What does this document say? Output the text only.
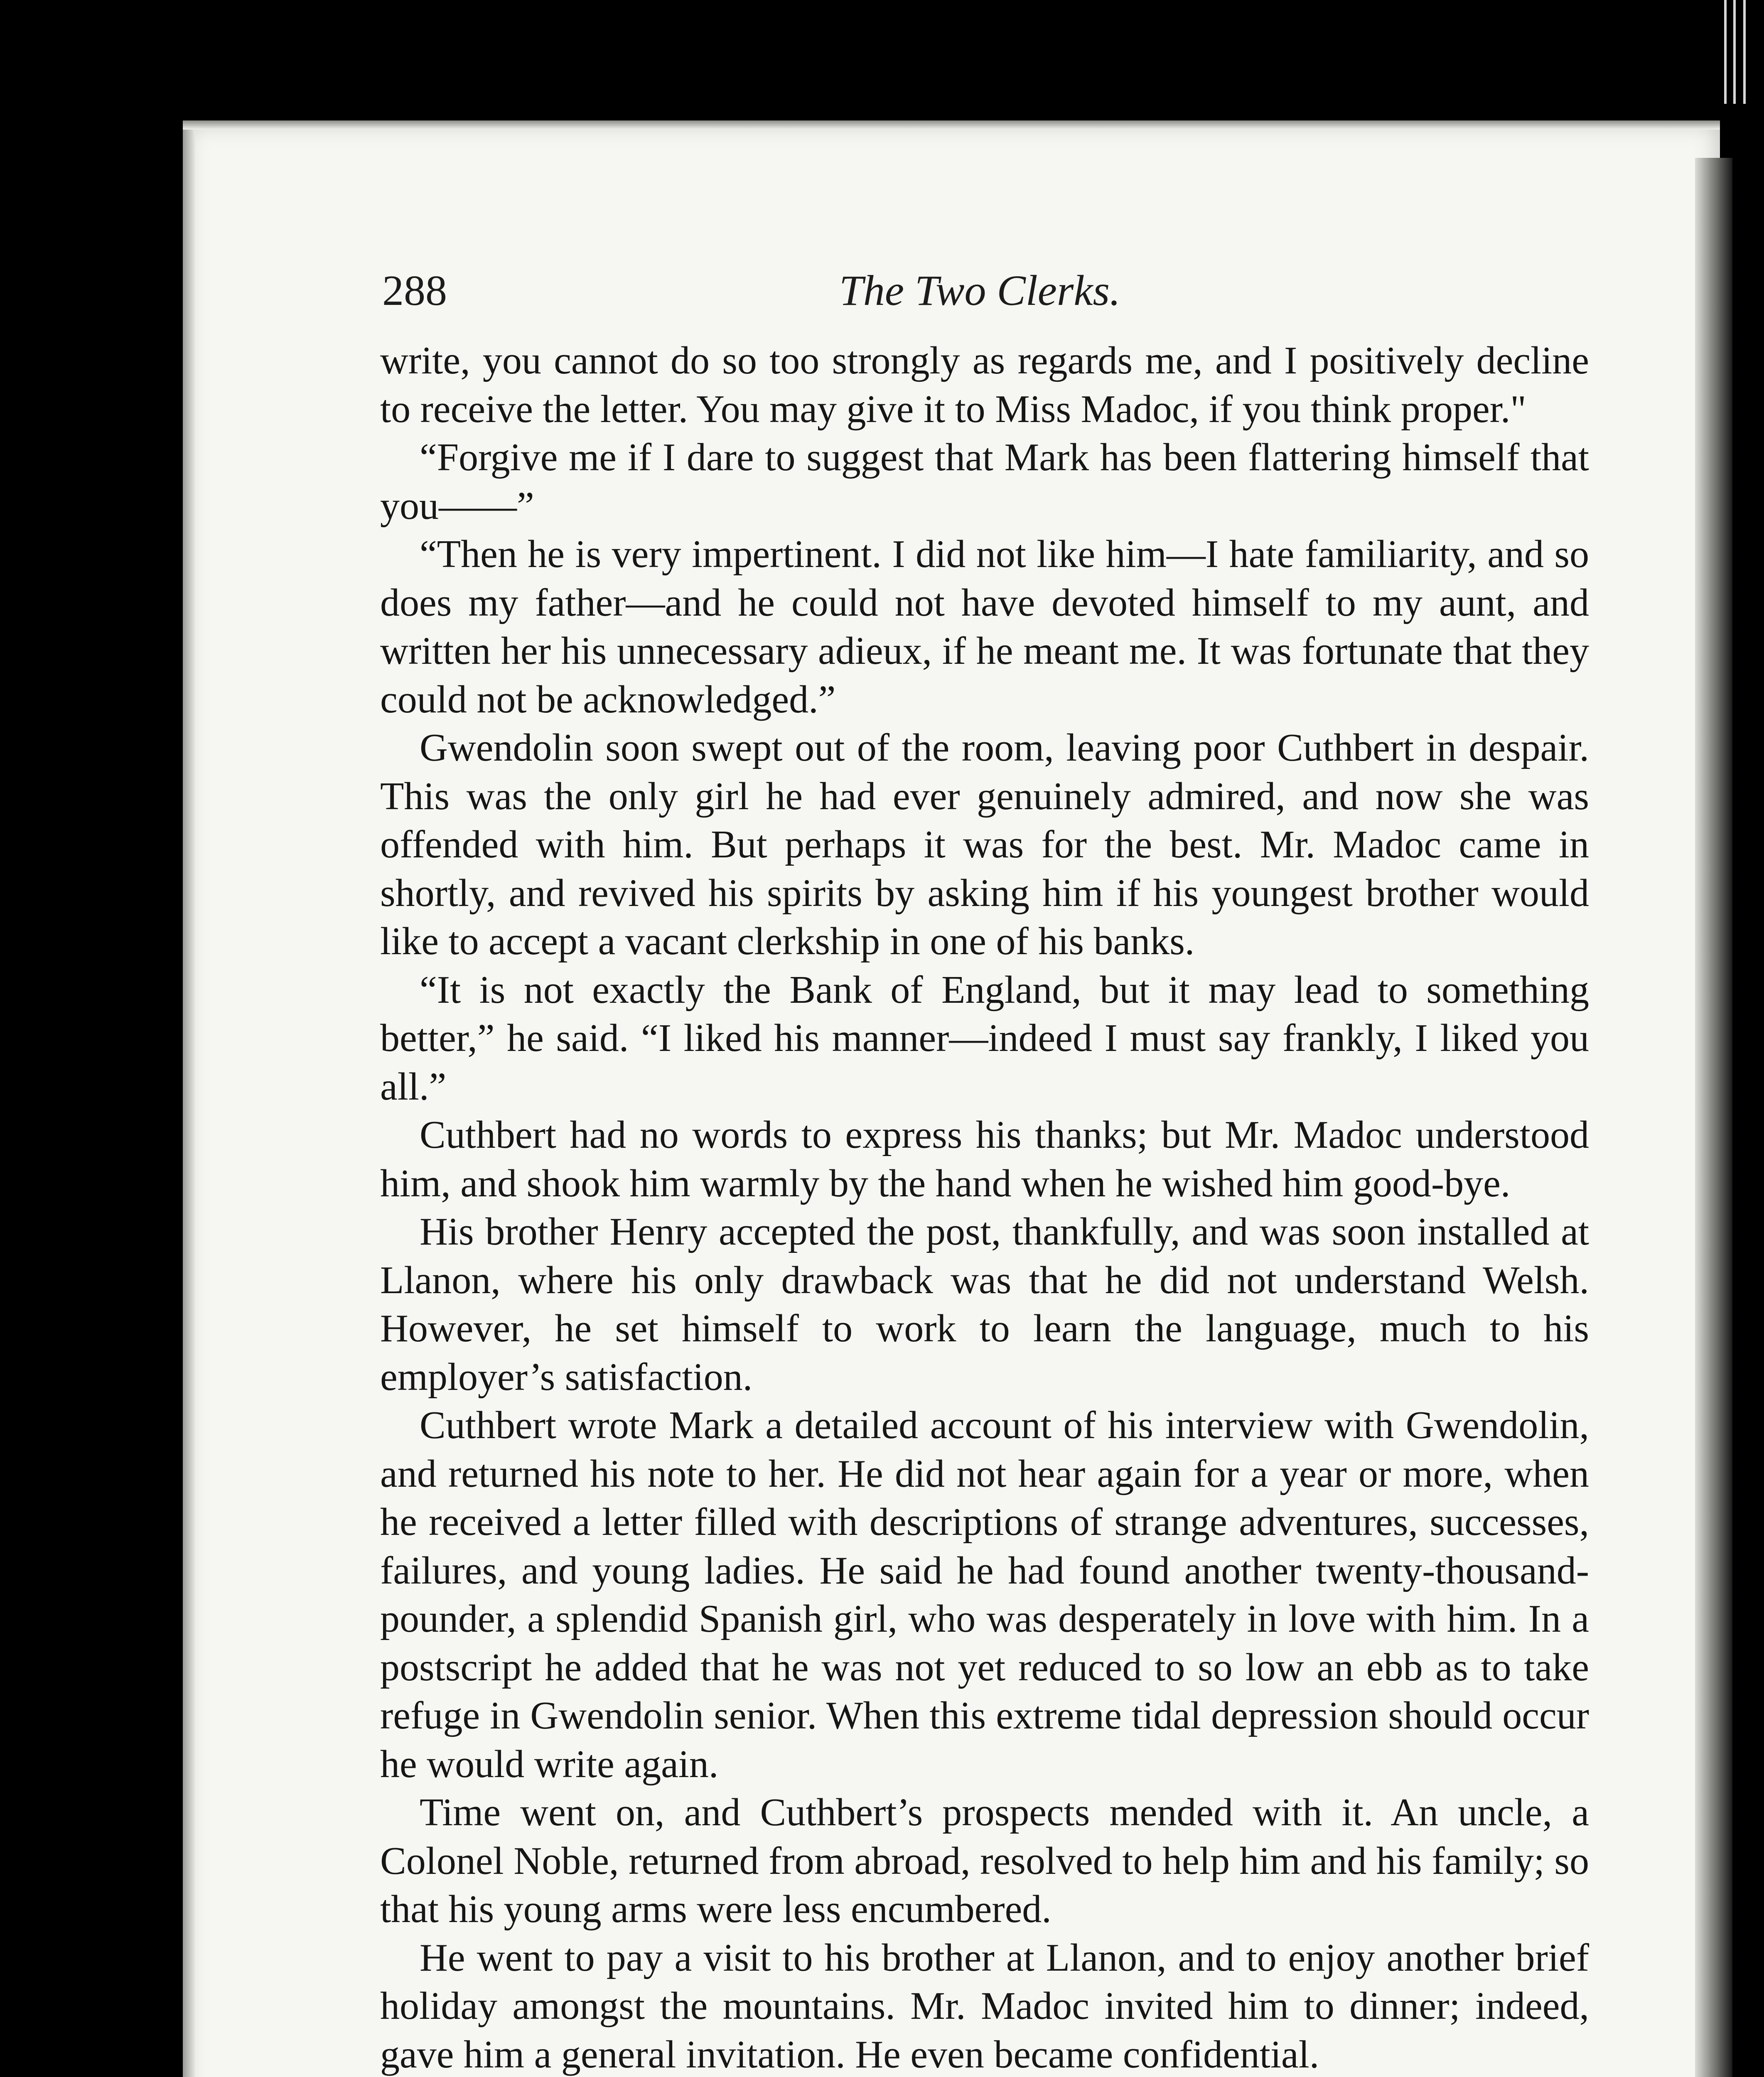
288	The Two Clerks.

write, you cannot do so too strongly as regards me, and I positively decline to receive the letter. You may give it to Miss Madoc, if you think proper."

“Forgive me if I dare to suggest that Mark has been flattering himself that you——”

“Then he is very impertinent. I did not like him—I hate familiarity, and so does my father—and he could not have devoted himself to my aunt, and written her his unnecessary adieux, if he meant me. It was fortunate that they could not be acknowledged.”

Gwendolin soon swept out of the room, leaving poor Cuthbert in despair. This was the only girl he had ever genuinely admired, and now she was offended with him. But perhaps it was for the best. Mr. Madoc came in shortly, and revived his spirits by asking him if his youngest brother would like to accept a vacant clerkship in one of his banks.

“It is not exactly the Bank of England, but it may lead to something better,” he said. “I liked his manner—indeed I must say frankly, I liked you all.”

Cuthbert had no words to express his thanks; but Mr. Madoc understood him, and shook him warmly by the hand when he wished him good-bye.

His brother Henry accepted the post, thankfully, and was soon installed at Llanon, where his only drawback was that he did not understand Welsh. However, he set himself to work to learn the language, much to his employer’s satisfaction.

Cuthbert wrote Mark a detailed account of his interview with Gwendolin, and returned his note to her. He did not hear again for a year or more, when he received a letter filled with descriptions of strange adventures, successes, failures, and young ladies. He said he had found another twenty-thousand-pounder, a splendid Spanish girl, who was desperately in love with him. In a postscript he added that he was not yet reduced to so low an ebb as to take refuge in Gwendolin senior. When this extreme tidal depression should occur he would write again.

Time went on, and Cuthbert’s prospects mended with it. An uncle, a Colonel Noble, returned from abroad, resolved to help him and his family; so that his young arms were less encumbered.

He went to pay a visit to his brother at Llanon, and to enjoy another brief holiday amongst the mountains. Mr. Madoc invited him to dinner; indeed, gave him a general invitation. He even became confidential.
